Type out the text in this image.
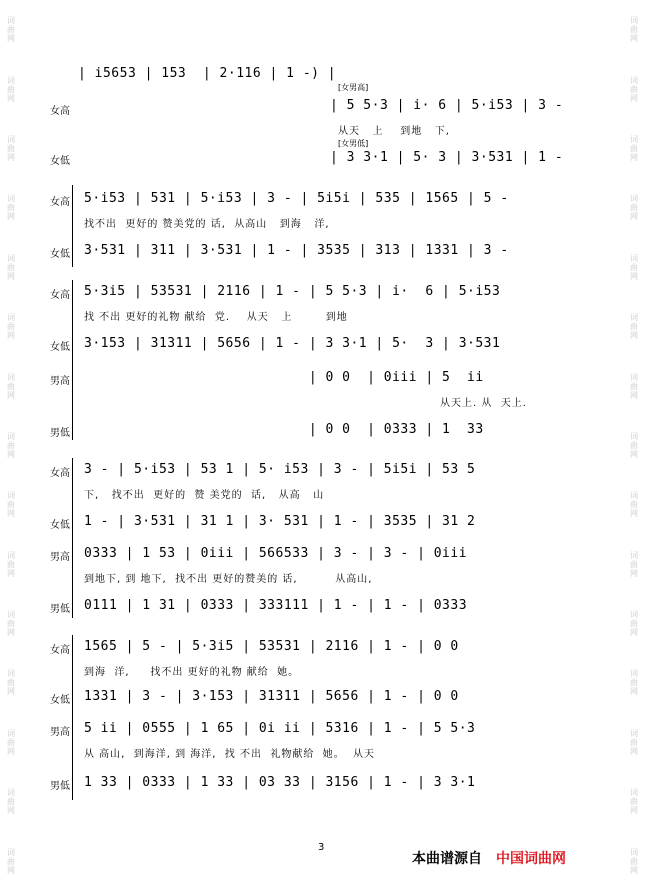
词曲网
词曲网
词曲网
词曲网
词曲网
词曲网
词曲网
词曲网
词曲网
词曲网
词曲网
词曲网
词曲网
词曲网
词曲网
词曲网
词曲网
词曲网
词曲网
词曲网
词曲网
词曲网
词曲网
词曲网
词曲网
词曲网
词曲网
词曲网
词曲网
词曲网
| i5653 | 153  | 2·116 | 1 -) |
女高
[女男高]
| 5 5·3 | i· 6 | 5·i53 | 3 -
从天   上    到地   下,
女低
[女男低]
| 3 3·1 | 5· 3 | 3·531 | 1 -
女高 5·i53 | 531 | 5·i53 | 3 - | 5i5i | 535 | 1565 | 5 -
找不出  更好的 赞美党的 话,  从高山   到海   洋,
女低 3·531 | 311 | 3·531 | 1 - | 3535 | 313 | 1331 | 3 -
女高 5·3i5 | 53531 | 2116 | 1 - | 5 5·3 | i·  6 | 5·i53
找 不出 更好的礼物 献给  党.    从天   上        到地
女低 3·153 | 31311 | 5656 | 1 - | 3 3·1 | 5·  3 | 3·531
男高 | 0 0  | 0iii | 5  ii
从天上. 从  天上.
男低 | 0 0  | 0333 | 1  33
女高 3 - | 5·i53 | 53 1 | 5· i53 | 3 - | 5i5i | 53 5
下,   找不出  更好的  赞 美党的  话,   从高   山
女低 1 - | 3·531 | 31 1 | 3· 531 | 1 - | 3535 | 31 2
男高 0333 | 1 53 | 0iii | 566533 | 3 - | 3 - | 0iii
到地下, 到 地下,  找不出 更好的赞美的 话,         从高山,
男低 0111 | 1 31 | 0333 | 333111 | 1 - | 1 - | 0333
女高 1565 | 5 - | 5·3i5 | 53531 | 2116 | 1 - | 0 0
到海  洋,     找不出 更好的礼物 献给  她。
女低 1331 | 3 - | 3·153 | 31311 | 5656 | 1 - | 0 0
男高 5 ii | 0555 | 1 65 | 0i ii | 5316 | 1 - | 5 5·3
从 高山,  到海洋, 到 海洋,  找 不出  礼物献给  她。  从天
男低 1 33 | 0333 | 1 33 | 03 33 | 3156 | 1 - | 3 3·1
3
本曲谱源自 中国词曲网
